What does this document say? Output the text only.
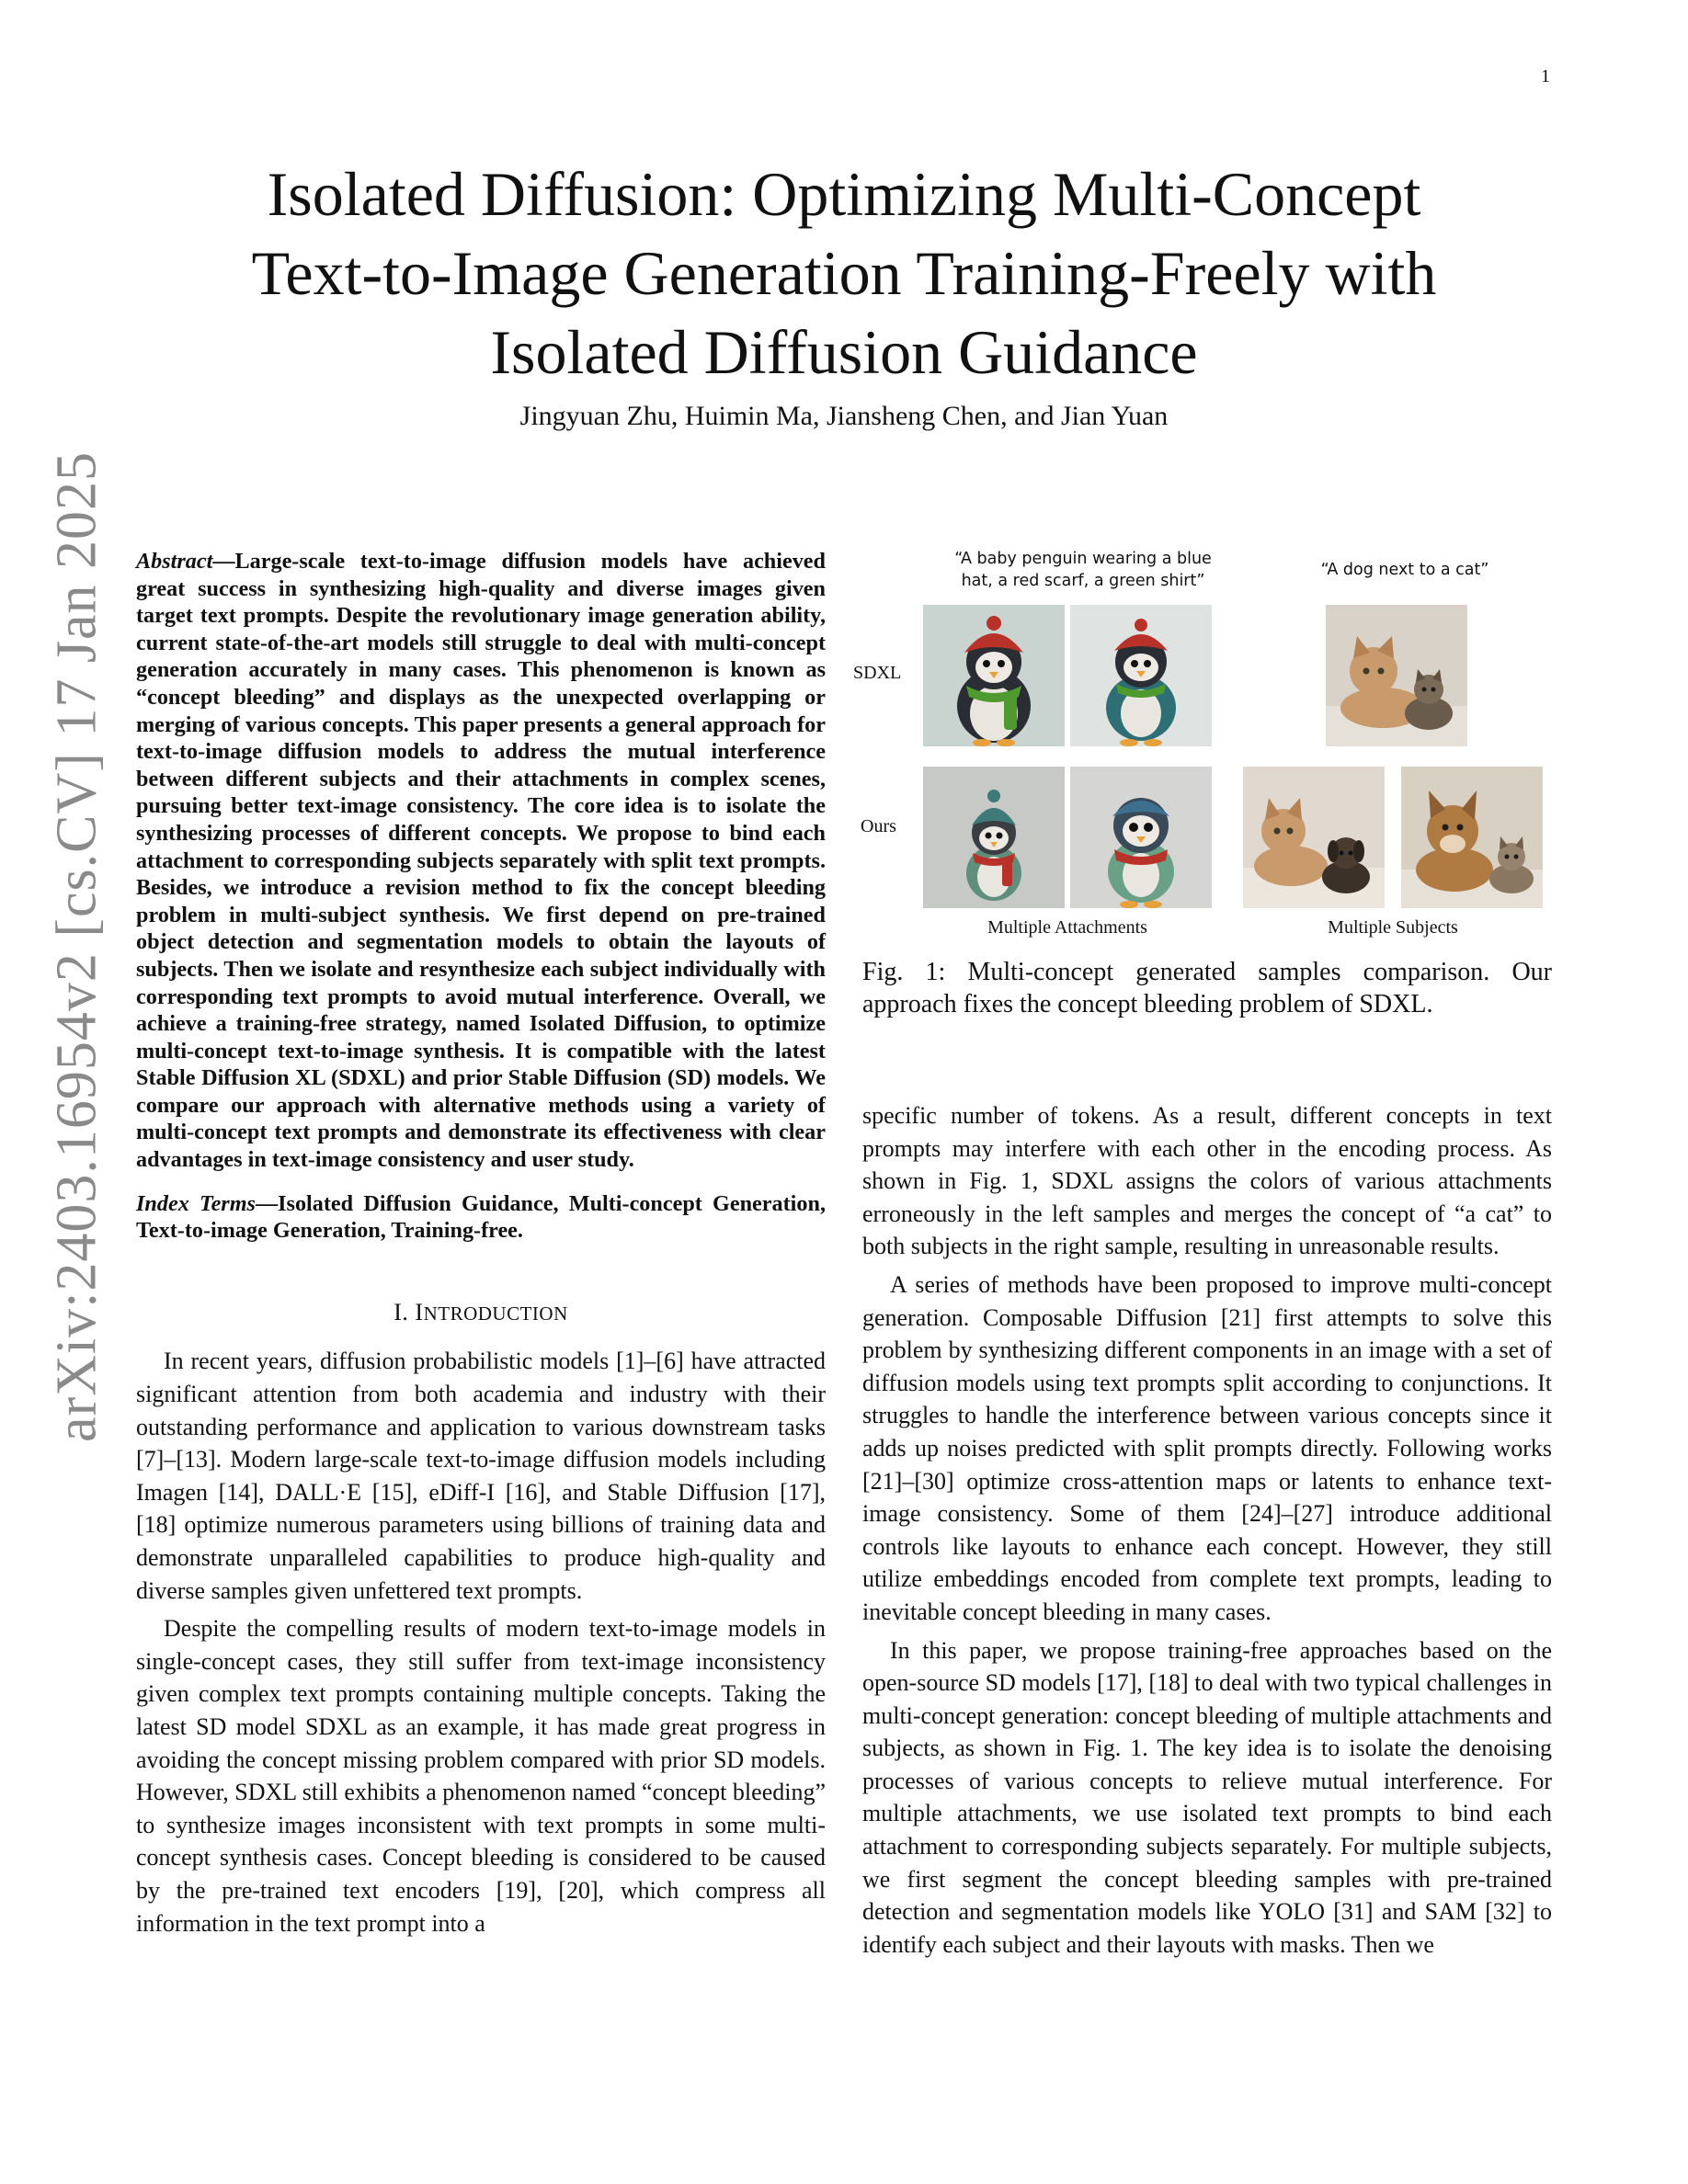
1
arXiv:2403.16954v2 [cs.CV] 17 Jan 2025
Isolated Diffusion: Optimizing Multi-Concept
Text-to-Image Generation Training-Freely with
Isolated Diffusion Guidance
Jingyuan Zhu, Huimin Ma, Jiansheng Chen, and Jian Yuan
Abstract—Large-scale text-to-image diffusion models have achieved great success in synthesizing high-quality and diverse images given target text prompts. Despite the revolutionary image generation ability, current state-of-the-art models still struggle to deal with multi-concept generation accurately in many cases. This phenomenon is known as “concept bleeding” and displays as the unexpected overlapping or merging of various concepts. This paper presents a general approach for text-to-image diffusion models to address the mutual interference between different subjects and their attachments in complex scenes, pursuing better text-image consistency. The core idea is to isolate the synthesizing processes of different concepts. We propose to bind each attachment to corresponding subjects separately with split text prompts. Besides, we introduce a revision method to fix the concept bleeding problem in multi-subject synthesis. We first depend on pre-trained object detection and segmentation models to obtain the layouts of subjects. Then we isolate and resynthesize each subject individually with corresponding text prompts to avoid mutual interference. Overall, we achieve a training-free strategy, named Isolated Diffusion, to optimize multi-concept text-to-image synthesis. It is compatible with the latest Stable Diffusion XL (SDXL) and prior Stable Diffusion (SD) models. We compare our approach with alternative methods using a variety of multi-concept text prompts and demonstrate its effectiveness with clear advantages in text-image consistency and user study.
Index Terms—Isolated Diffusion Guidance, Multi-concept Generation, Text-to-image Generation, Training-free.
I. INTRODUCTION

In recent years, diffusion probabilistic models [1]–[6] have attracted significant attention from both academia and industry with their outstanding performance and application to various downstream tasks [7]–[13]. Modern large-scale text-to-image diffusion models including Imagen [14], DALL·E [15], eDiff-I [16], and Stable Diffusion [17], [18] optimize numerous parameters using billions of training data and demonstrate unparalleled capabilities to produce high-quality and diverse samples given unfettered text prompts.

Despite the compelling results of modern text-to-image models in single-concept cases, they still suffer from text-image inconsistency given complex text prompts containing multiple concepts. Taking the latest SD model SDXL as an example, it has made great progress in avoiding the concept missing problem compared with prior SD models. However, SDXL still exhibits a phenomenon named “concept bleeding” to synthesize images inconsistent with text prompts in some multi-concept synthesis cases. Concept bleeding is considered to be caused by the pre-trained text encoders [19], [20], which compress all information in the text prompt into a

“A baby penguin wearing a blue
hat, a red scarf, a green shirt”
“A dog next to a cat”
SDXL
Ours
Multiple Attachments	Multiple Subjects
Fig. 1: Multi-concept generated samples comparison. Our approach fixes the concept bleeding problem of SDXL.

specific number of tokens. As a result, different concepts in text prompts may interfere with each other in the encoding process. As shown in Fig. 1, SDXL assigns the colors of various attachments erroneously in the left samples and merges the concept of “a cat” to both subjects in the right sample, resulting in unreasonable results.

A series of methods have been proposed to improve multi-concept generation. Composable Diffusion [21] first attempts to solve this problem by synthesizing different components in an image with a set of diffusion models using text prompts split according to conjunctions. It struggles to handle the interference between various concepts since it adds up noises predicted with split prompts directly. Following works [21]–[30] optimize cross-attention maps or latents to enhance text-image consistency. Some of them [24]–[27] introduce additional controls like layouts to enhance each concept. However, they still utilize embeddings encoded from complete text prompts, leading to inevitable concept bleeding in many cases.

In this paper, we propose training-free approaches based on the open-source SD models [17], [18] to deal with two typical challenges in multi-concept generation: concept bleeding of multiple attachments and subjects, as shown in Fig. 1. The key idea is to isolate the denoising processes of various concepts to relieve mutual interference. For multiple attachments, we use isolated text prompts to bind each attachment to corresponding subjects separately. For multiple subjects, we first segment the concept bleeding samples with pre-trained detection and segmentation models like YOLO [31] and SAM [32] to identify each subject and their layouts with masks. Then we
